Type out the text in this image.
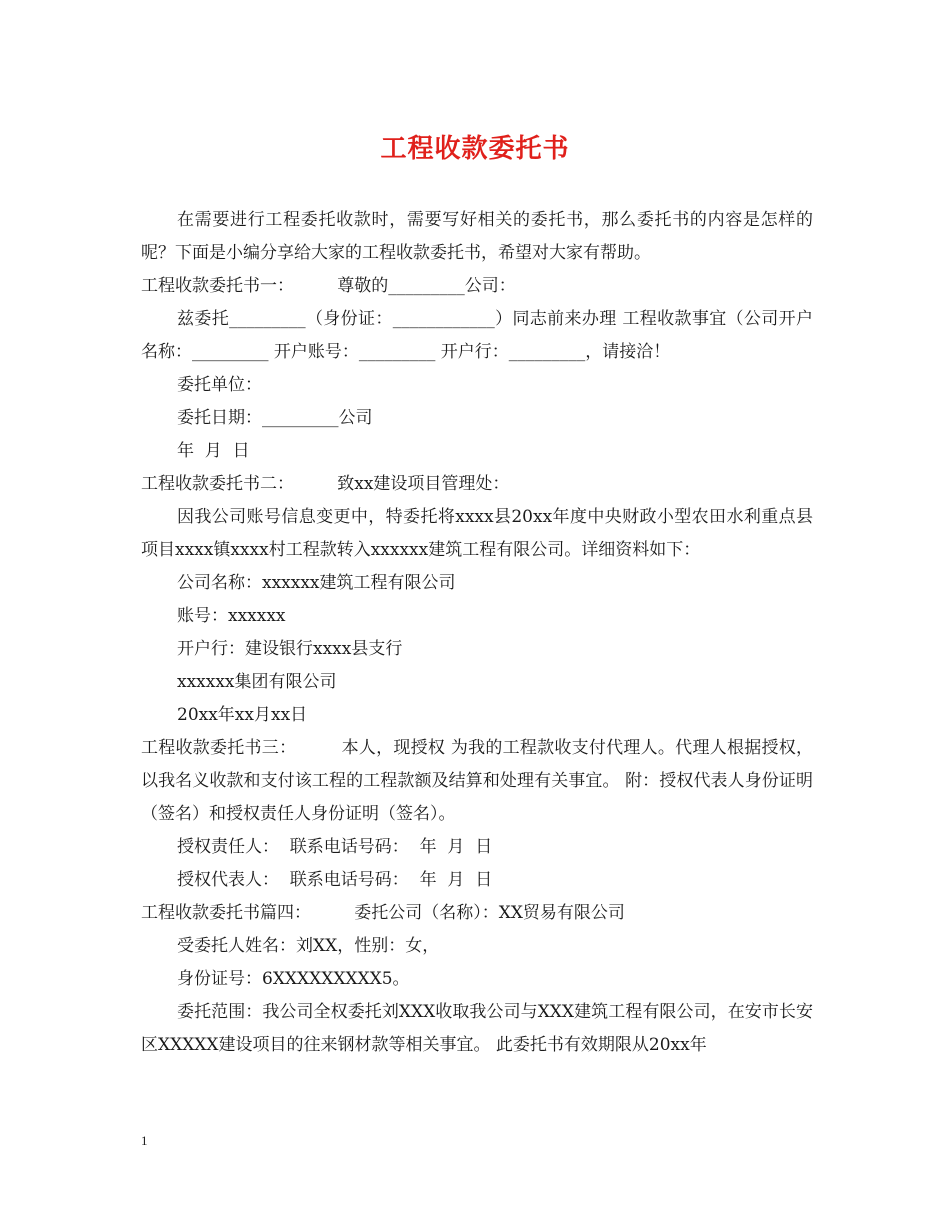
工程收款委托书

在需要进行工程委托收款时，需要写好相关的委托书，那么委托书的内容是怎样的呢？下面是小编分享给大家的工程收款委托书，希望对大家有帮助。

工程收款委托书一：        尊敬的_________公司：

兹委托_________（身份证：____________）同志前来办理 工程收款事宜（公司开户名称：_________ 开户账号：_________ 开户行：_________，请接洽！

委托单位：

委托日期：_________公司

年  月  日

工程收款委托书二：        致xx建设项目管理处：

因我公司账号信息变更中，特委托将xxxx县20xx年度中央财政小型农田水利重点县项目xxxx镇xxxx村工程款转入xxxxxx建筑工程有限公司。详细资料如下：

公司名称：xxxxxx建筑工程有限公司

账号：xxxxxx

开户行：建设银行xxxx县支行

xxxxxx集团有限公司

20xx年xx月xx日

工程收款委托书三：        本人，现授权 为我的工程款收支付代理人。代理人根据授权，以我名义收款和支付该工程的工程款额及结算和处理有关事宜。 附：授权代表人身份证明（签名）和授权责任人身份证明（签名）。

授权责任人：  联系电话号码：  年  月  日

授权代表人：  联系电话号码：  年  月  日

工程收款委托书篇四：        委托公司（名称）：XX贸易有限公司

受委托人姓名：刘XX，性别：女，

身份证号：6XXXXXXXXX5。

委托范围：我公司全权委托刘XXX收取我公司与XXX建筑工程有限公司，在安市长安区XXXXX建设项目的往来钢材款等相关事宜。 此委托书有效期限从20xx年

1
